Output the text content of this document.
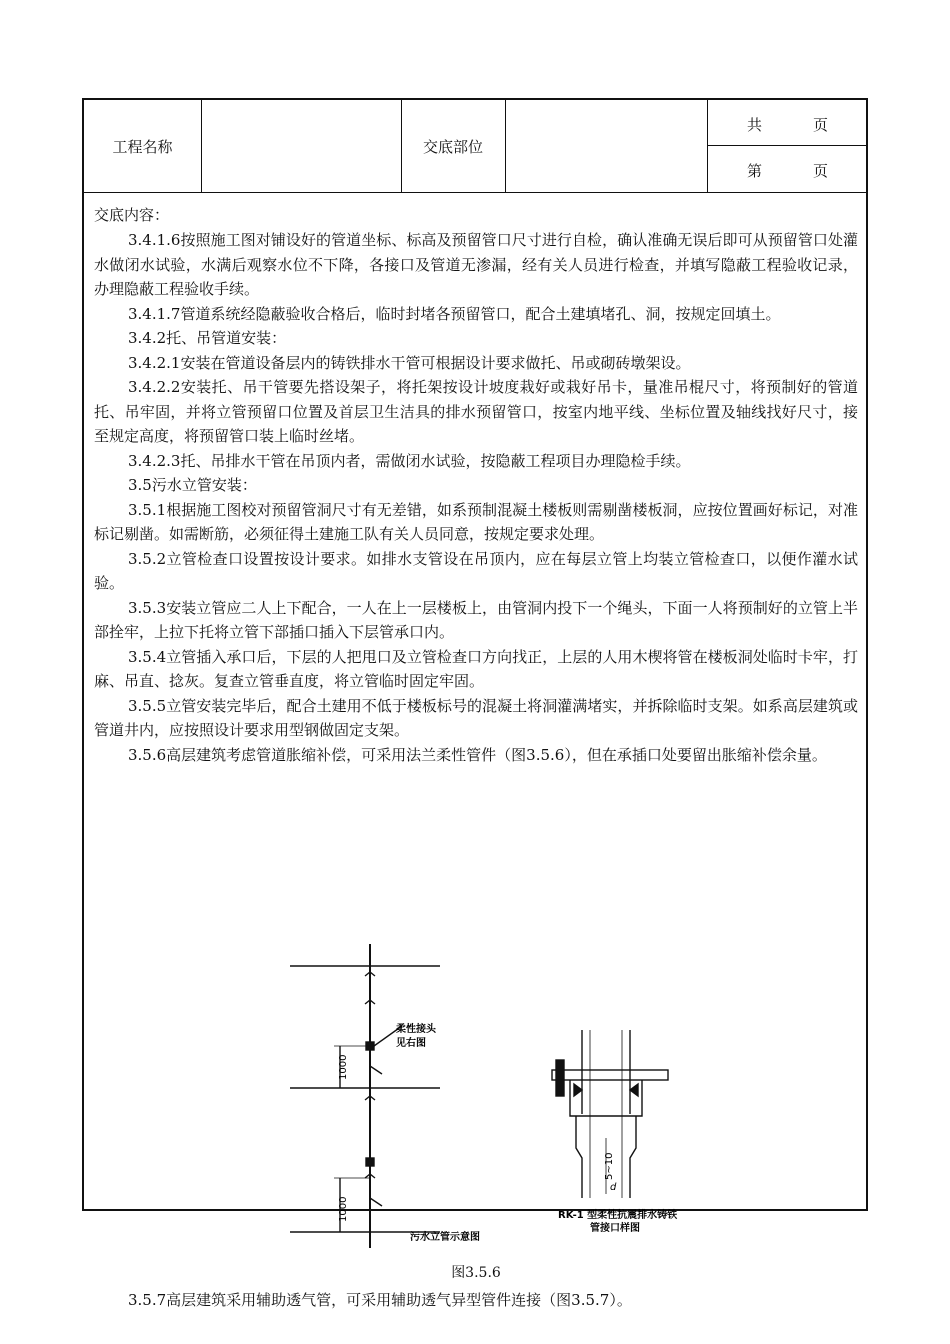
工程名称	交底部位
共	页
第	页
交底内容：

3.4.1.6按照施工图对铺设好的管道坐标、标高及预留管口尺寸进行自检，确认准确无误后即可从预留管口处灌水做闭水试验，水满后观察水位不下降，各接口及管道无渗漏，经有关人员进行检查，并填写隐蔽工程验收记录，办理隐蔽工程验收手续。

3.4.1.7管道系统经隐蔽验收合格后，临时封堵各预留管口，配合土建填堵孔、洞，按规定回填土。

3.4.2托、吊管道安装：

3.4.2.1安装在管道设备层内的铸铁排水干管可根据设计要求做托、吊或砌砖墩架设。

3.4.2.2安装托、吊干管要先搭设架子，将托架按设计坡度栽好或栽好吊卡，量准吊棍尺寸，将预制好的管道托、吊牢固，并将立管预留口位置及首层卫生洁具的排水预留管口，按室内地平线、坐标位置及轴线找好尺寸，接至规定高度，将预留管口装上临时丝堵。

3.4.2.3托、吊排水干管在吊顶内者，需做闭水试验，按隐蔽工程项目办理隐检手续。

3.5污水立管安装：

3.5.1根据施工图校对预留管洞尺寸有无差错，如系预制混凝土楼板则需剔凿楼板洞，应按位置画好标记，对准标记剔凿。如需断筋，必须征得土建施工队有关人员同意，按规定要求处理。

3.5.2立管检查口设置按设计要求。如排水支管设在吊顶内，应在每层立管上均装立管检查口，以便作灌水试验。

3.5.3安装立管应二人上下配合，一人在上一层楼板上，由管洞内投下一个绳头，下面一人将预制好的立管上半部拴牢，上拉下托将立管下部插口插入下层管承口内。

3.5.4立管插入承口后，下层的人把甩口及立管检查口方向找正，上层的人用木楔将管在楼板洞处临时卡牢，打麻、吊直、捻灰。复查立管垂直度，将立管临时固定牢固。

3.5.5立管安装完毕后，配合土建用不低于楼板标号的混凝土将洞灌满堵实，并拆除临时支架。如系高层建筑或管道井内，应按照设计要求用型钢做固定支架。

3.5.6高层建筑考虑管道胀缩补偿，可采用法兰柔性管件（图3.5.6），但在承插口处要留出胀缩补偿余量。

柔性接头
见右图
1000
1000
污水立管示意图
5~10
d
RK-1 型柔性抗震排水铸铁
管接口样图
图3.5.6

3.5.7高层建筑采用辅助透气管，可采用辅助透气异型管件连接（图3.5.7）。
